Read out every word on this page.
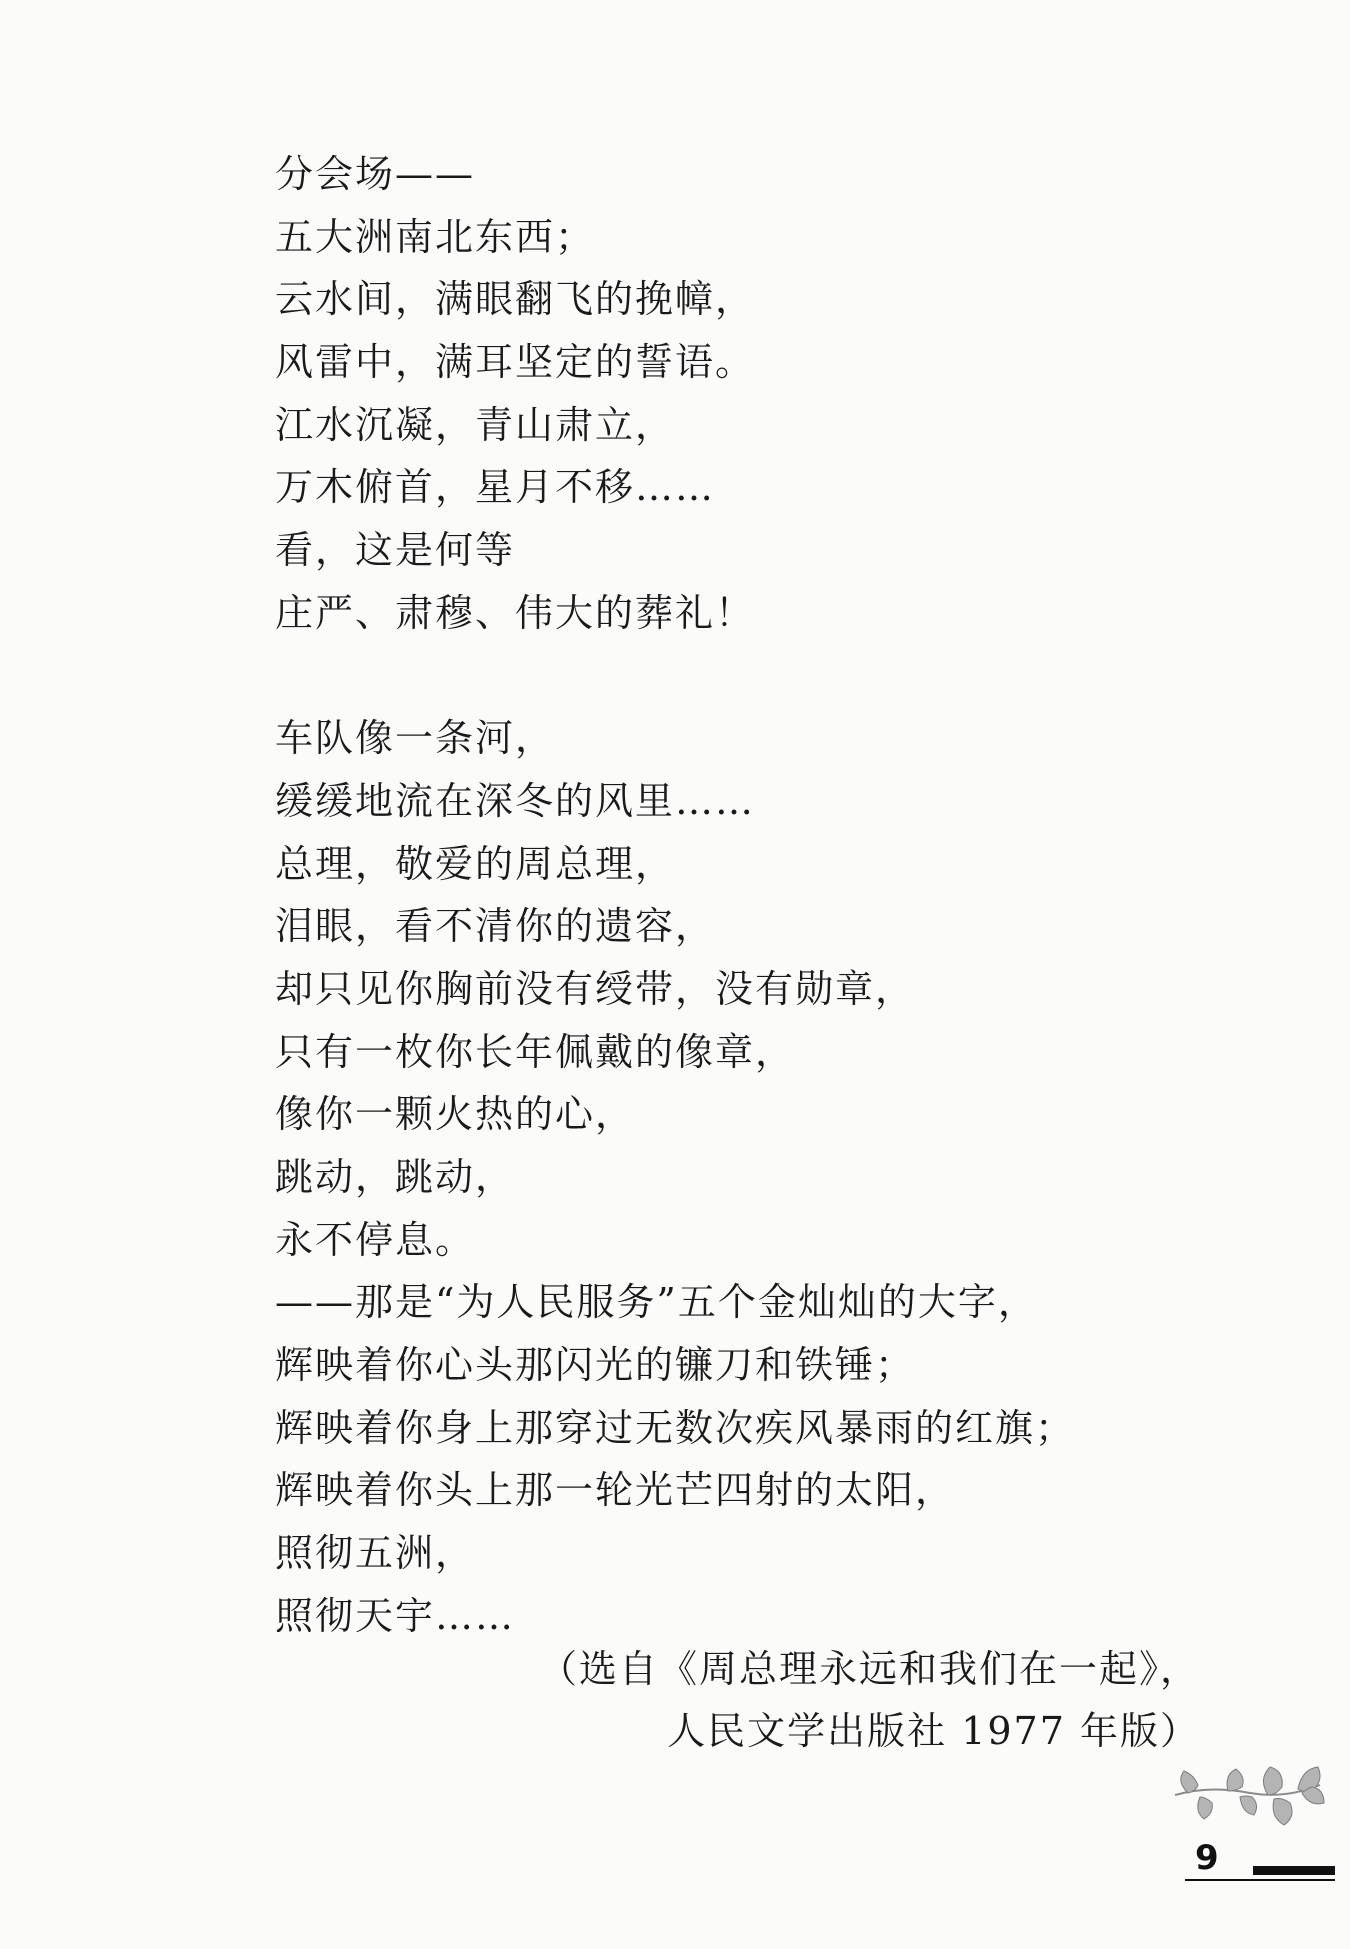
分会场——
五大洲南北东西；
云水间，满眼翻飞的挽幛，
风雷中，满耳坚定的誓语。
江水沉凝，青山肃立，
万木俯首，星月不移……
看，这是何等
庄严、肃穆、伟大的葬礼！
车队像一条河，
缓缓地流在深冬的风里……
总理，敬爱的周总理，
泪眼，看不清你的遗容，
却只见你胸前没有绶带，没有勋章，
只有一枚你长年佩戴的像章，
像你一颗火热的心，
跳动，跳动，
永不停息。
——那是“为人民服务”五个金灿灿的大字，
辉映着你心头那闪光的镰刀和铁锤；
辉映着你身上那穿过无数次疾风暴雨的红旗；
辉映着你头上那一轮光芒四射的太阳，
照彻五洲，
照彻天宇……
（选自《周总理永远和我们在一起》，
人民文学出版社 1977 年版）
9
